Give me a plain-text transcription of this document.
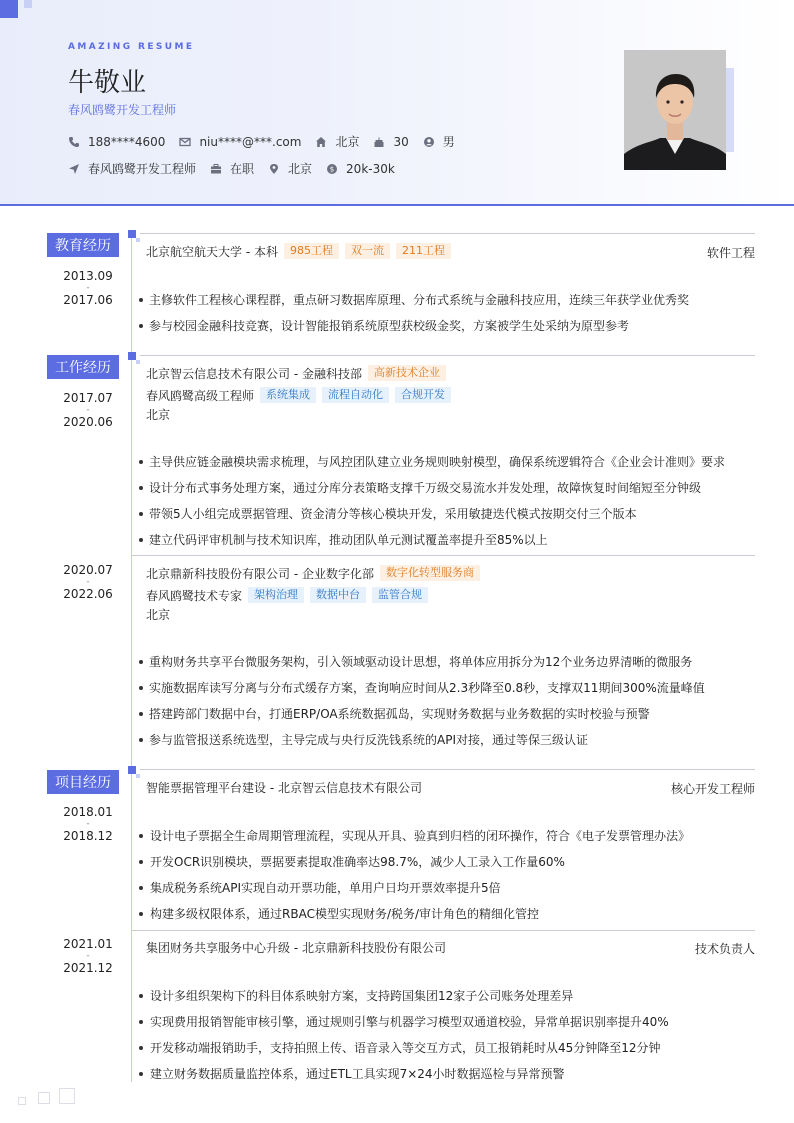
AMAZING RESUME
牛敬业
春风鸥鹭开发工程师
188****4600	niu****@***.com	北京	30	男
春风鸥鹭开发工程师	在职	北京	$ 20k-30k
教育经历
2013.09
-
2017.06
北京航空航天大学 - 本科	985工程	双一流	211工程	软件工程
主修软件工程核心课程群，重点研习数据库原理、分布式系统与金融科技应用，连续三年获学业优秀奖
参与校园金融科技竞赛，设计智能报销系统原型获校级金奖，方案被学生处采纳为原型参考
工作经历
2017.07
-
2020.06
北京智云信息技术有限公司 - 金融科技部	高新技术企业
春风鸥鹭高级工程师	系统集成	流程自动化	合规开发
北京
主导供应链金融模块需求梳理，与风控团队建立业务规则映射模型，确保系统逻辑符合《企业会计准则》要求
设计分布式事务处理方案，通过分库分表策略支撑千万级交易流水并发处理，故障恢复时间缩短至分钟级
带领5人小组完成票据管理、资金清分等核心模块开发，采用敏捷迭代模式按期交付三个版本
建立代码评审机制与技术知识库，推动团队单元测试覆盖率提升至85%以上
2020.07
-
2022.06
北京鼎新科技股份有限公司 - 企业数字化部	数字化转型服务商
春风鸥鹭技术专家	架构治理	数据中台	监管合规
北京
重构财务共享平台微服务架构，引入领域驱动设计思想，将单体应用拆分为12个业务边界清晰的微服务
实施数据库读写分离与分布式缓存方案，查询响应时间从2.3秒降至0.8秒，支撑双11期间300%流量峰值
搭建跨部门数据中台，打通ERP/OA系统数据孤岛，实现财务数据与业务数据的实时校验与预警
参与监管报送系统选型，主导完成与央行反洗钱系统的API对接，通过等保三级认证
项目经历
2018.01
-
2018.12
智能票据管理平台建设 - 北京智云信息技术有限公司	核心开发工程师
设计电子票据全生命周期管理流程，实现从开具、验真到归档的闭环操作，符合《电子发票管理办法》
开发OCR识别模块，票据要素提取准确率达98.7%，减少人工录入工作量60%
集成税务系统API实现自动开票功能，单用户日均开票效率提升5倍
构建多级权限体系，通过RBAC模型实现财务/税务/审计角色的精细化管控
2021.01
-
2021.12
集团财务共享服务中心升级 - 北京鼎新科技股份有限公司	技术负责人
设计多组织架构下的科目体系映射方案，支持跨国集团12家子公司账务处理差异
实现费用报销智能审核引擎，通过规则引擎与机器学习模型双通道校验，异常单据识别率提升40%
开发移动端报销助手，支持拍照上传、语音录入等交互方式，员工报销耗时从45分钟降至12分钟
建立财务数据质量监控体系，通过ETL工具实现7×24小时数据巡检与异常预警
